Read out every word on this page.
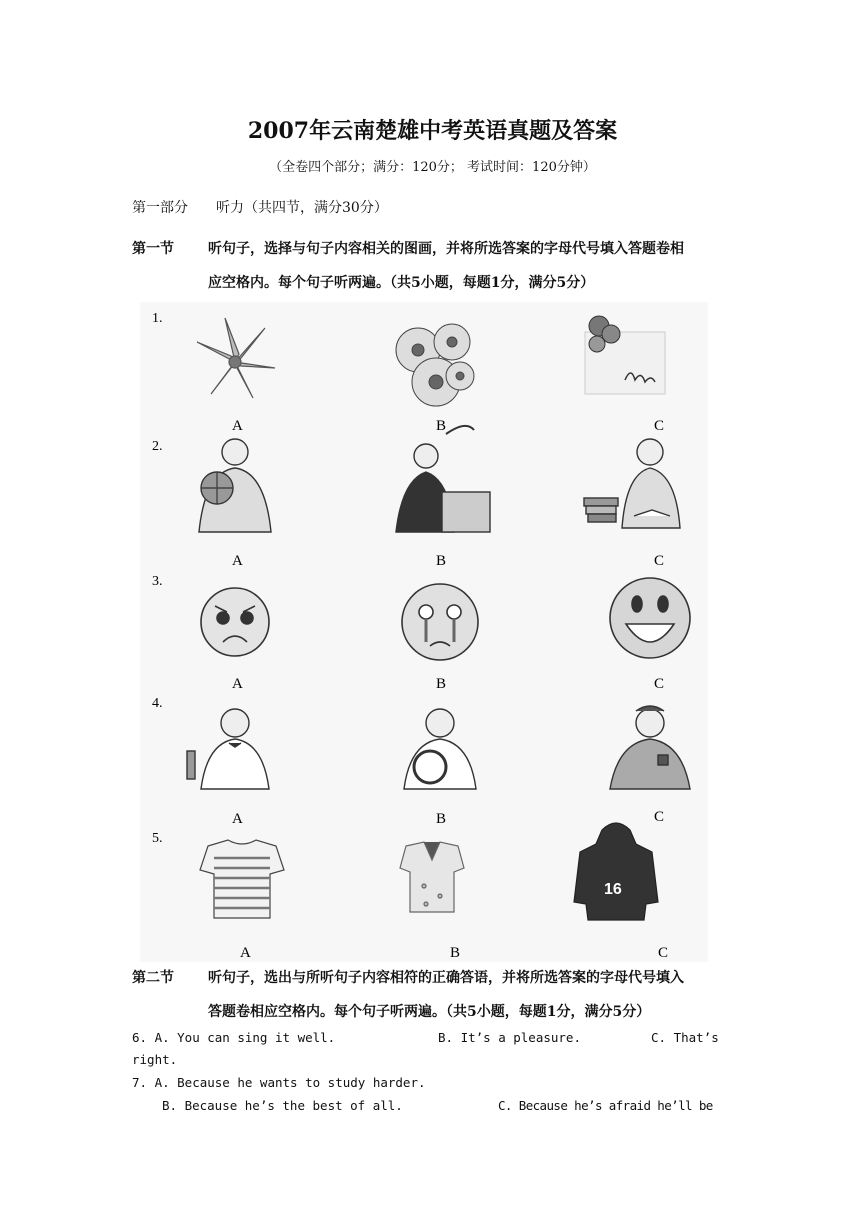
2007年云南楚雄中考英语真题及答案
（全卷四个部分；满分：120分； 考试时间：120分钟）
第一部分 听力（共四节，满分30分）
第一节 听句子，选择与句子内容相关的图画，并将所选答案的字母代号填入答题卷相
应空格内。每个句子听两遍。（共5小题，每题1分，满分5分）
1.
2.
3.
4.
5.
A	B	C
A	B	C
A	B	C
A	B	C
A	B	C
16
第二节 听句子，选出与所听句子内容相符的正确答语，并将所选答案的字母代号填入
答题卷相应空格内。每个句子听两遍。（共5小题，每题1分，满分5分）
6. A. You can sing it well.	B. It’s a pleasure.	C. That’s
right.
7. A. Because he wants to study harder.
B. Because he’s the best of all.	C. Because he’s afraid he’ll be
